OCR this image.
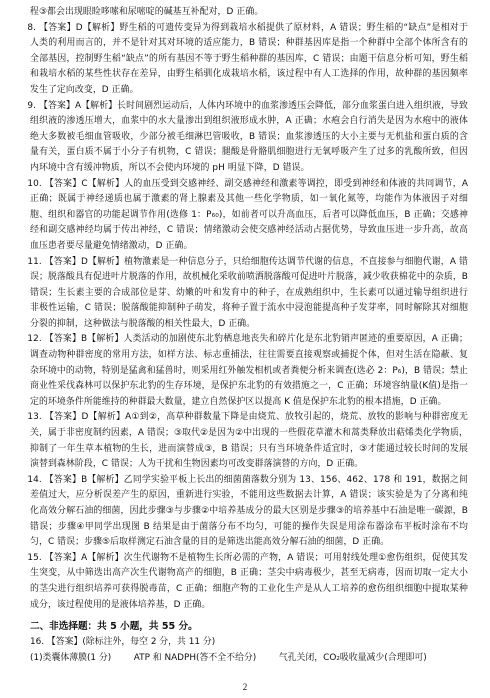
程③都会出现眼睑哆嗦和尿嘧啶的碱基互补配对，D 正确。

8. 【答案】D【解析】野生稻的可遗传变异为得到栽培水稻提供了原材料，A 错误；野生稻的“缺点”是相对于人类的利用而言的，并不是针对其对环境的适应能力，B 错误；种群基因库是指一个种群中全部个体所含有的全部基因，控制野生稻“缺点”的所有基因不等于野生稻种群的基因库，C 错误；由题干信息分析可知，野生稻和栽培水稻的某些性状存在差异，由野生稻驯化成栽培水稻，该过程中有人工选择的作用，故种群的基因频率发生了定向改变，D 正确。

9. 【答案】A【解析】长时间剧烈运动后，人体内环境中的血浆渗透压会降低，部分血浆蛋白进入组织液，导致组织液的渗透压增大，血浆中的水大量渗出到组织液形成水肿，A 正确；水疱会自行消失是因为水疱中的液体绝大多数被毛细血管吸收，少部分被毛细淋巴管吸收，B 错误；血浆渗透压的大小主要与无机盐和蛋白质的含量有关，蛋白质不属于小分子有机物，C 错误；腿酸是骨骼肌细胞进行无氧呼吸产生了过多的乳酸所致，但因内环境中含有缓冲物质，所以不会使内环境的 pH 明显下降，D 错误。

10. 【答案】C【解析】人的血压受到交感神经、副交感神经和激素等调控，即受到神经和体液的共同调节，A 正确；既属于神经递质也属于激素的肾上腺素及其他一些化学物质，如一氧化氮等，均能作为体液因子对细胞、组织和器官的功能起调节作用(选修 1：P₆₀)，如前者可以升高血压，后者可以降低血压，B 正确；交感神经和副交感神经均属于传出神经，C 错误；情绪激动会使交感神经活动占据优势，导致血压进一步升高，故高血压患者要尽量避免情绪激动，D 正确。

11. 【答案】D【解析】植物激素是一种信息分子，只给细胞传达调节代谢的信息，不直接参与细胞代谢，A 错误；脱落酸具有促进叶片脱落的作用，故机械化采收前喷洒脱落酸可促进叶片脱落，减少收获棉花中的杂质，B 错误；生长素主要的合成部位是芽、幼嫩的叶和发育中的种子，在成熟组织中，生长素可以通过输导组织进行非极性运输，C 错误；脱落酸能抑制种子萌发，将种子置于流水中浸泡能提高种子发芽率，同时解除其对细胞分裂的抑制，这种做法与脱落酸的相关性最大，D 正确。

12. 【答案】B【解析】人类活动的加剧使东北豹栖息地丧失和碎片化是东北豹销声匿迹的重要原因，A 正确；调查动物种群密度的常用方法，如样方法、标志重捕法，往往需要直接观察或捕捉个体，但对生活在隐蔽、复杂环境中的动物，特别是猛禽和猛兽时，则采用红外触发相机或者粪便分析来调查(选必 2：P₆)，B 错误；禁止商业性采伐森林可以保护东北豹的生存环境，是保护东北豹的有效措施之一，C 正确；环境容纳量(K值)是指一定的环境条件所能维持的种群最大数量，建立自然保护区以提高 K 值是保护东北豹的根本措施，D 正确。

13. 【答案】D【解析】A①到②，高草种群数量下降是由烧荒、放牧引起的，烧荒、放牧的影响与种群密度无关，属于非密度制约因素，A 错误；③取代②是因为②中出现的一些假花草灌木和蒿类释放出萜烯类化学物质，抑制了一年生草本植物的生长，进而演替成③，B 错误；只有当环境条件适宜时，③才能通过较长时间的发展演替到森林阶段，C 错误；人为干扰和生物因素均可改变群落演替的方向，D 正确。

14. 【答案】B【解析】乙同学实验平板上长出的细菌菌落数分别为 13、156、462、178 和 191，数据之间差值过大，应分析误差产生的原因，重新进行实验，不能用这些数据去计算，A 错误；该实验是为了分离和纯化高效分解石油的细菌，因此步骤③与步骤②中培养基成分的最大区别是步骤③的培养基中石油是唯一碳源，B 错误；步骤④甲同学出现图 B 结果是由于菌落分布不均匀，可能的操作失误是用涂布器涂布平板时涂布不均匀，C 错误；步骤⑤后取样测定石油含量的目的是筛选出能高效分解石油的细菌，D 正确。

15. 【答案】A【解析】次生代谢物不是植物生长所必需的产物，A 错误；可用射线处理①愈伤组织，促使其发生突变，从中筛选出高产次生代谢物高产的细胞，B 正确；茎尖中病毒极少，甚至无病毒，因而切取一定大小的茎尖进行组织培养可获得脱毒苗，C 正确；细胞产物的工业化生产是从人工培养的愈伤组织细胞中提取某种成分，该过程使用的是液体培养基，D 正确。

二、非选择题：共 5 小题，共 55 分。
16. 【答案】(除标注外，每空 2 分，共 11 分)
(1)类囊体薄膜(1 分)        ATP 和 NADPH(答不全不给分)        气孔关闭，CO₂吸收量减少(合理即可)
2
